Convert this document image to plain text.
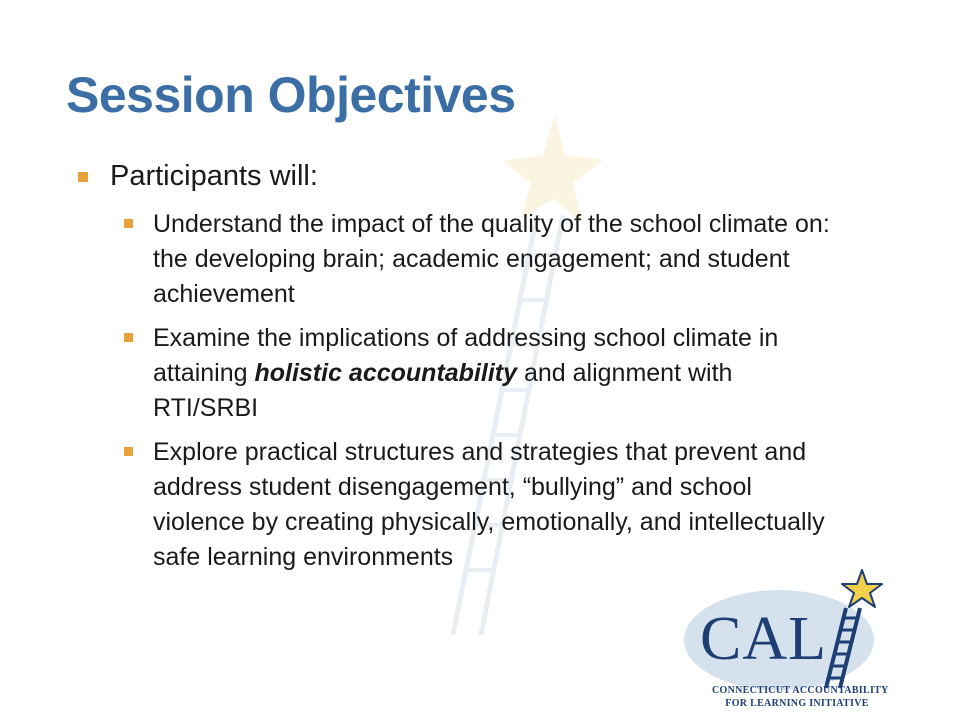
Session Objectives
Participants will:
Understand the impact of the quality of the school climate on: the developing brain; academic engagement; and student achievement
Examine the implications of addressing school climate in attaining holistic accountability and alignment with RTI/SRBI
Explore practical structures and strategies that prevent and address student disengagement, “bullying” and school violence by creating physically, emotionally, and intellectually safe learning environments
CAL
CONNECTICUT ACCOUNTABILITY
FOR LEARNING INITIATIVE
